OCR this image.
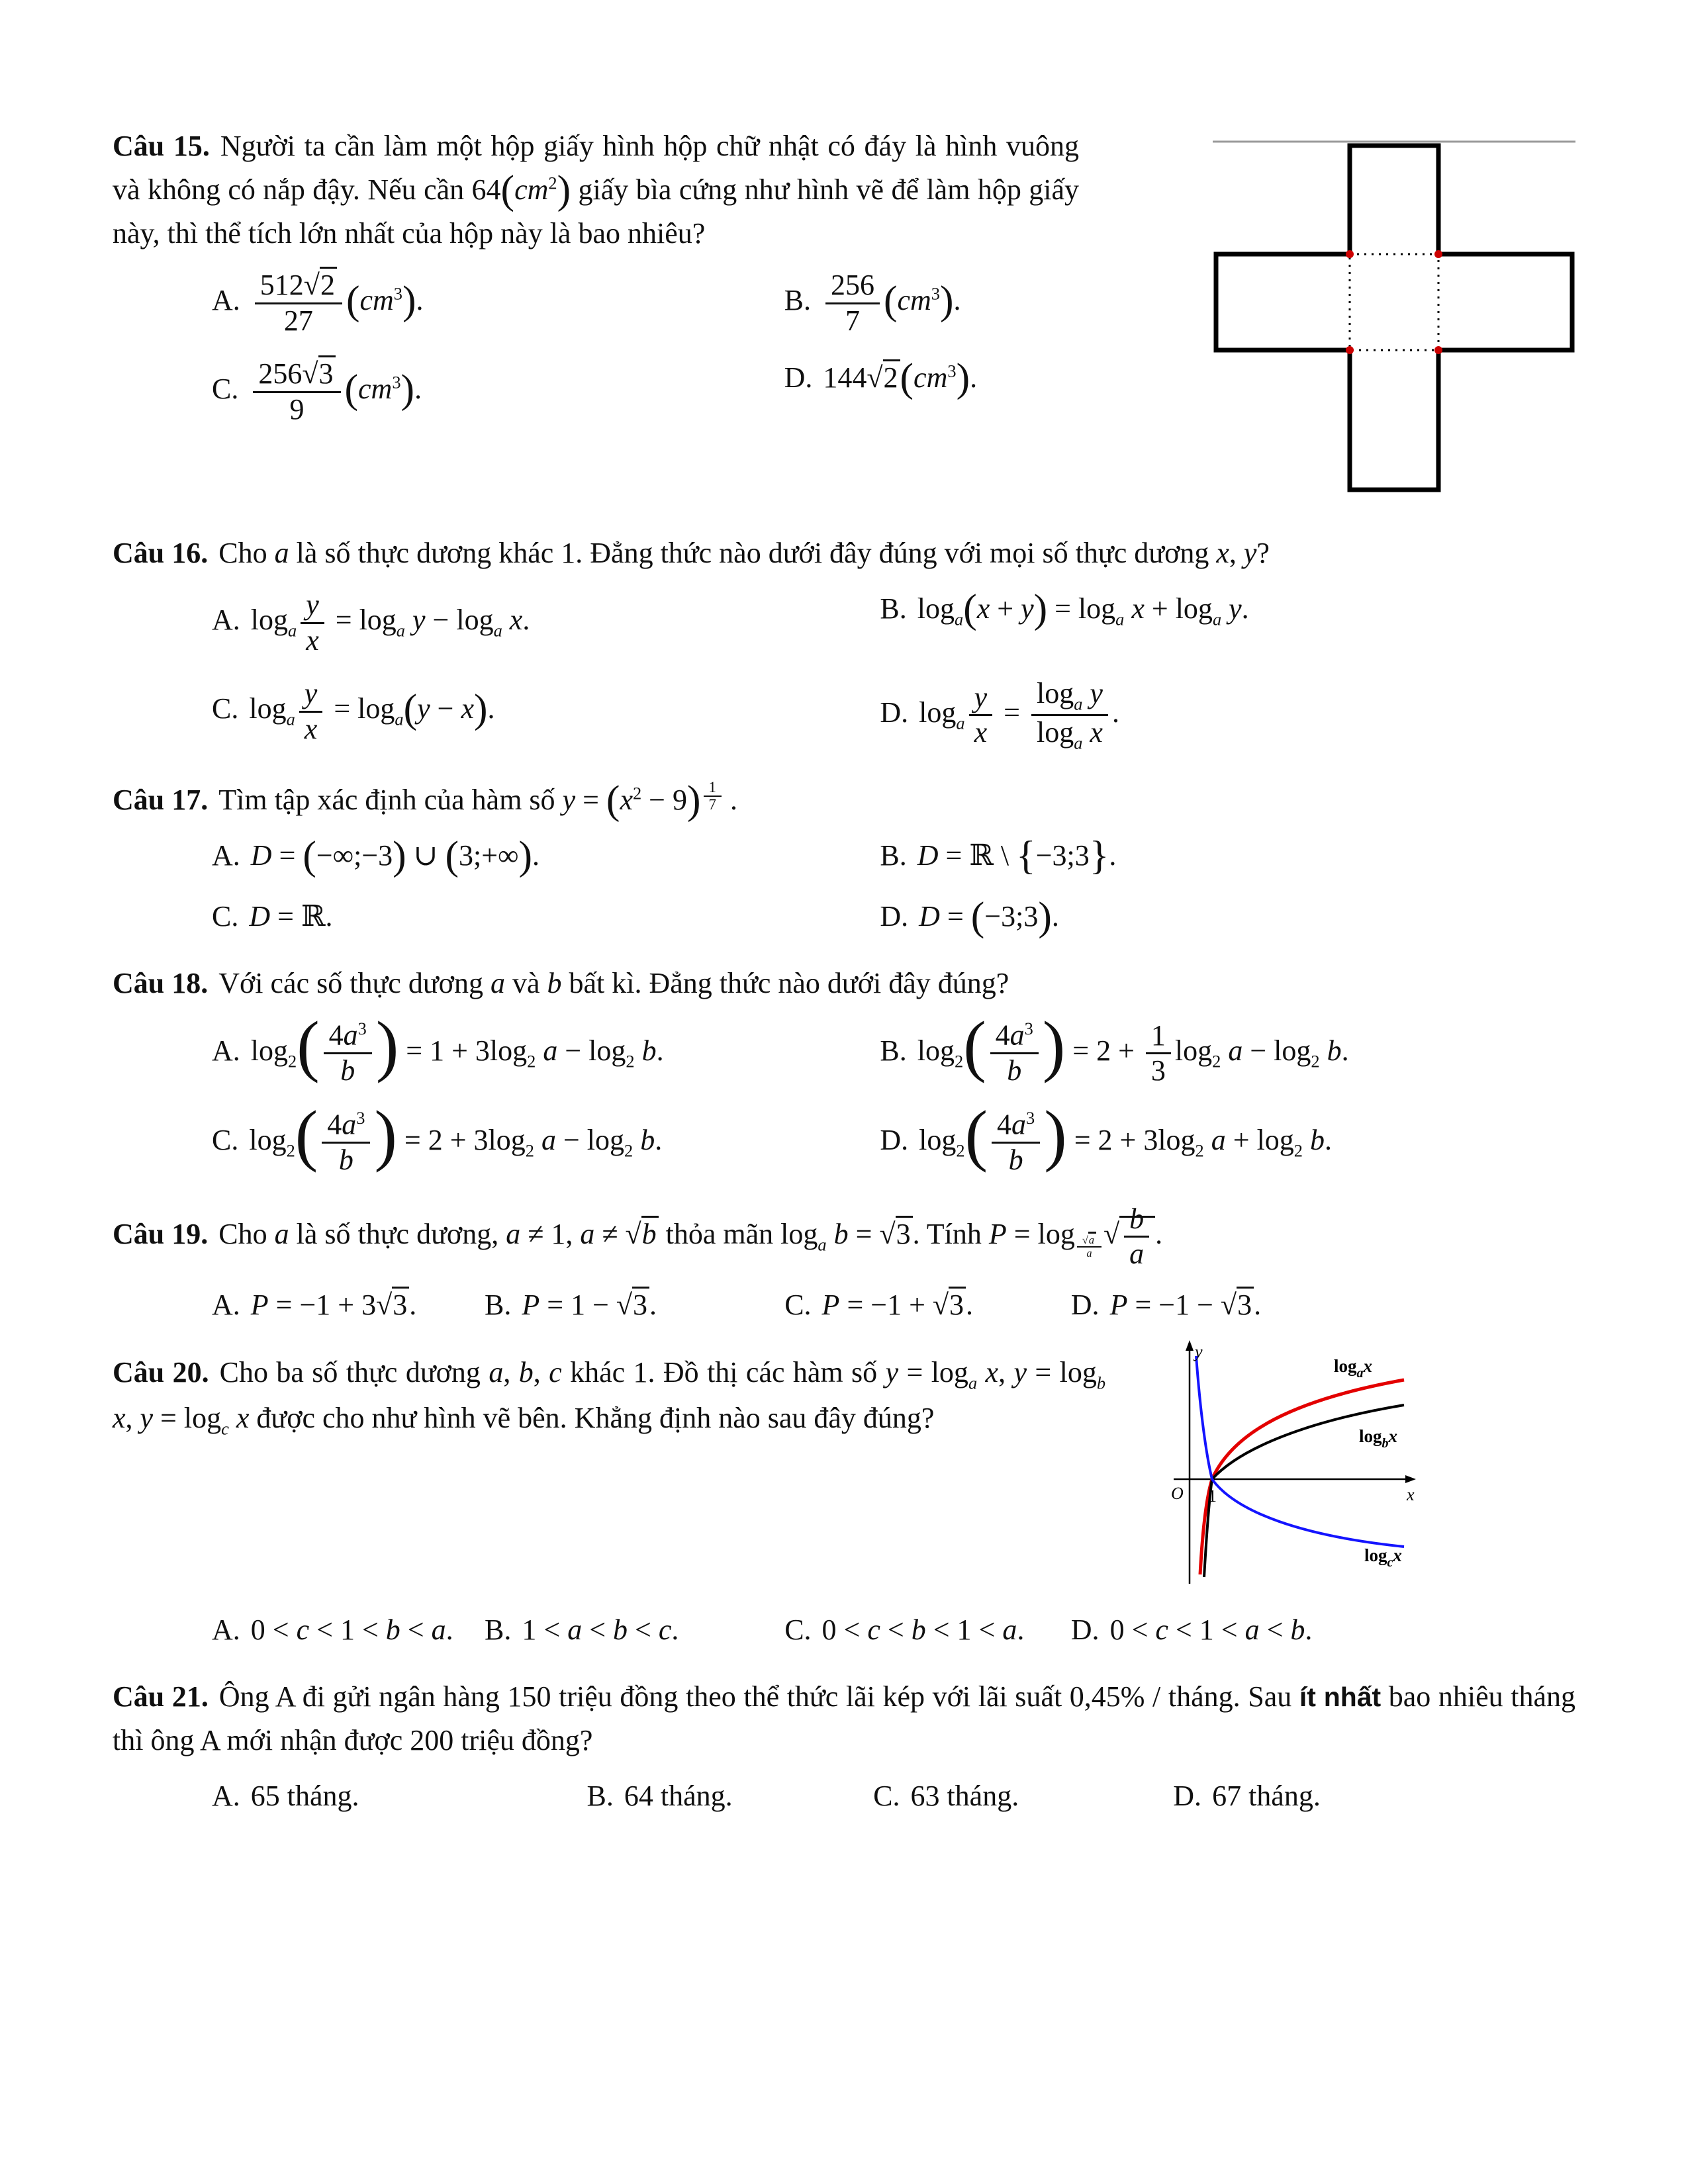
Câu 15. Người ta cần làm một hộp giấy hình hộp chữ nhật có đáy là hình vuông và không có nắp đậy. Nếu cần $64(cm^2)$ giấy bìa cứng như hình vẽ để làm hộp giấy này, thì thể tích lớn nhất của hộp này là bao nhiêu?

A. $\frac{512√2}{27} (cm^3)$.	B. $\frac{256}{7} (cm^3)$.
C. $\frac{256√3}{9} (cm^3)$.	D. $144√2(cm^3)$.

Câu 16. Cho a là số thực dương khác 1. Đẳng thức nào dưới đây đúng với mọi số thực dương x, y?

A. $\log_a \frac{y}{x} = \log_a y - \log_a x$.	B. $\log_a(x + y) = \log_a x + \log_a y$.
C. $\log_a \frac{y}{x} = \log_a(y - x)$.	D. $\log_a \frac{y}{x} = \frac{\log_a y}{\log_a x}$ .

Câu 17. Tìm tập xác định của hàm số $y = (x^2 - 9) \frac{1}{7}$ .

A. D = (−∞;−3) ∪ (3;+∞).	B. D = ℝ \ {−3;3}.
C. D = ℝ.	D. D = (−3;3).

Câu 18. Với các số thực dương a và b bất kì. Đẳng thức nào dưới đây đúng?

A. $\log_2( \frac{4a^3}{b}$ ) = $1 + 3\log_2$ $a - \log_2 b$.	B. $\log_2( \frac{4a^3}{b}$ ) = $2 + \frac{1}{3} \log_2 a - \log_2 b$.
C. $\log_2( \frac{4a^3}{b}$ ) = $2 + 3\log_2$ $a - \log_2 b$.	D. $\log_2( \frac{4a^3}{b}$ ) = $2 + 3\log_2$ $a + \log_2 b$.

Câu 19. Cho a là số thực dương, a ≠ 1, a ≠ √b thỏa mãn $\log_a b = √3$. Tính P = log $_{\frac{√a}{a}}$ √ $\frac{b}{a}$ .

A. P = −1 + 3√3.	B. P = 1 − √3.	C. P = −1 + √3.	D. P = −1 − √3.

Câu 20. Cho ba số thực dương a, b, c khác 1. Đồ thị các hàm số $y = \log_a x$, $y = \log_b x$, $y = \log_c x$ được cho như hình vẽ bên. Khẳng định nào sau đây đúng?

y
O 1	x
$\log_ax$
$\log_bx$
$\log_cx$
A. 0 < c < 1 < b < a.	B. 1 < a < b < c.	C. 0 < c < b < 1 < a.	D. 0 < c < 1 < a < b.

Câu 21. Ông A đi gửi ngân hàng 150 triệu đồng theo thể thức lãi kép với lãi suất 0,45% / tháng. Sau ít nhất bao nhiêu tháng thì ông A mới nhận được 200 triệu đồng?

A. 65 tháng.	B. 64 tháng.	C. 63 tháng.	D. 67 tháng.
